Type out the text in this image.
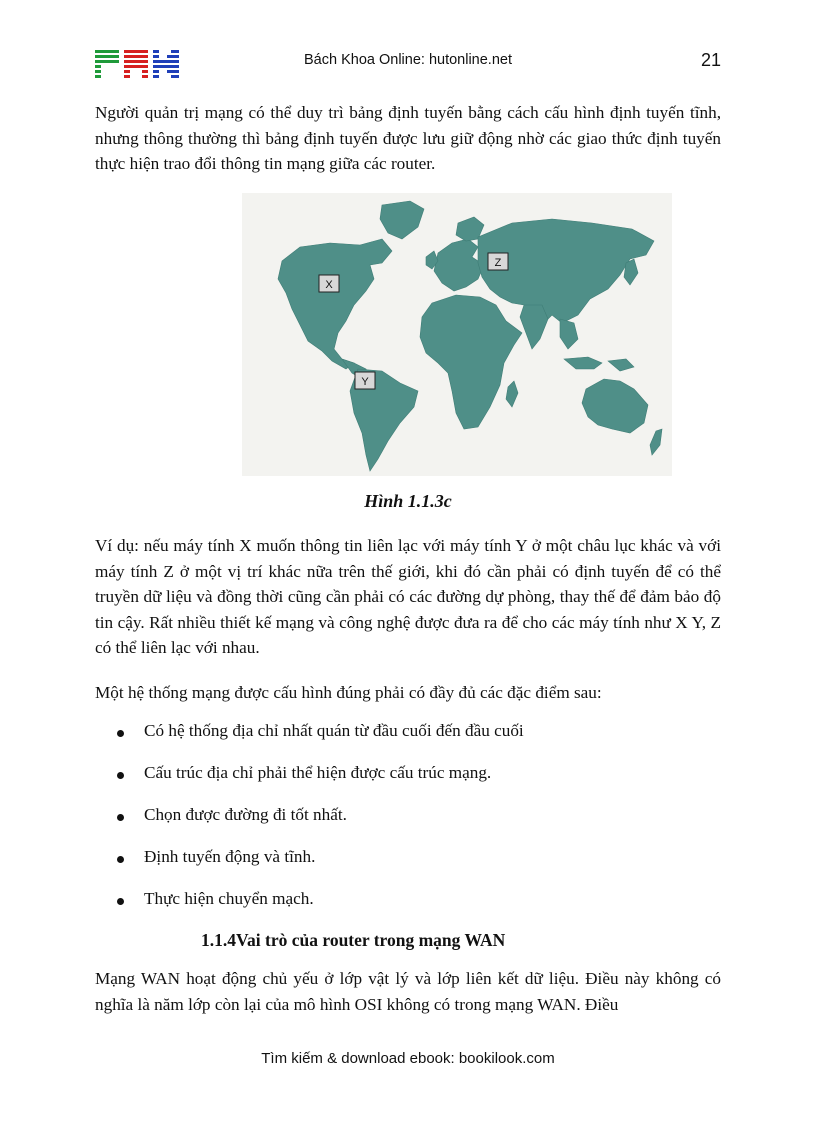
Bách Khoa Online: hutonline.net	21

Người quản trị mạng có thể duy trì bảng định tuyến bằng cách cấu hình định tuyến tĩnh, nhưng thông thường thì bảng định tuyến được lưu giữ động nhờ các giao thức định tuyến thực hiện trao đổi thông tin mạng giữa các router.

X
Z
Y
Hình 1.1.3c

Ví dụ: nếu máy tính X muốn thông tin liên lạc với máy tính Y ở một châu lục khác và với máy tính Z ở một vị trí khác nữa trên thế giới, khi đó cần phải có định tuyến để có thể truyền dữ liệu và đồng thời cũng cần phải có các đường dự phòng, thay thế để đảm bảo độ tin cậy. Rất nhiều thiết kế mạng và công nghệ được đưa ra để cho các máy tính như X Y, Z có thể liên lạc với nhau.

Một hệ thống mạng được cấu hình đúng phải có đầy đủ các đặc điểm sau:

Có hệ thống địa chỉ nhất quán từ đầu cuối đến đầu cuối
Cấu trúc địa chỉ phải thể hiện được cấu trúc mạng.
Chọn được đường đi tốt nhất.
Định tuyến động và tĩnh.
Thực hiện chuyển mạch.
1.1.4Vai trò của router trong mạng WAN

Mạng WAN hoạt động chủ yếu ở lớp vật lý và lớp liên kết dữ liệu. Điều này không có nghĩa là năm lớp còn lại của mô hình OSI không có trong mạng WAN. Điều

Tìm kiếm & download ebook: bookilook.com
